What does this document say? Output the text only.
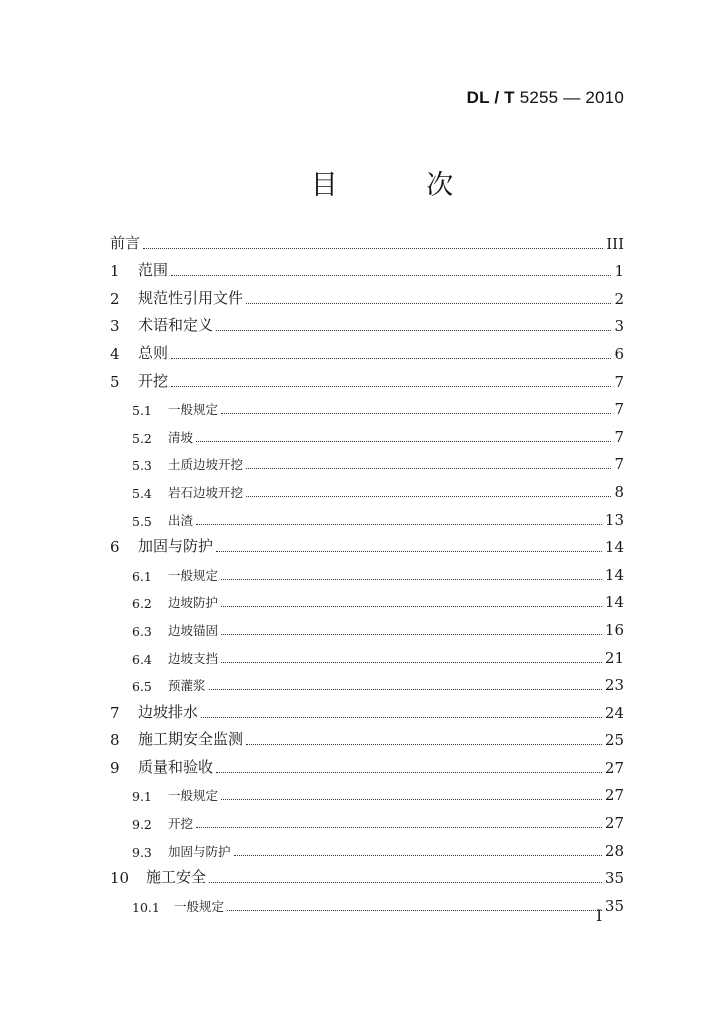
DL / T 5255 — 2010
目 次
前言	III
1	范围	1
2	规范性引用文件	2
3	术语和定义	3
4	总则	6
5	开挖	7
5.1	一般规定	7
5.2	清坡	7
5.3	土质边坡开挖	7
5.4	岩石边坡开挖	8
5.5	出渣	13
6	加固与防护	14
6.1	一般规定	14
6.2	边坡防护	14
6.3	边坡锚固	16
6.4	边坡支挡	21
6.5	预灌浆	23
7	边坡排水	24
8	施工期安全监测	25
9	质量和验收	27
9.1	一般规定	27
9.2	开挖	27
9.3	加固与防护	28
10	施工安全	35
10.1	一般规定	35
I
